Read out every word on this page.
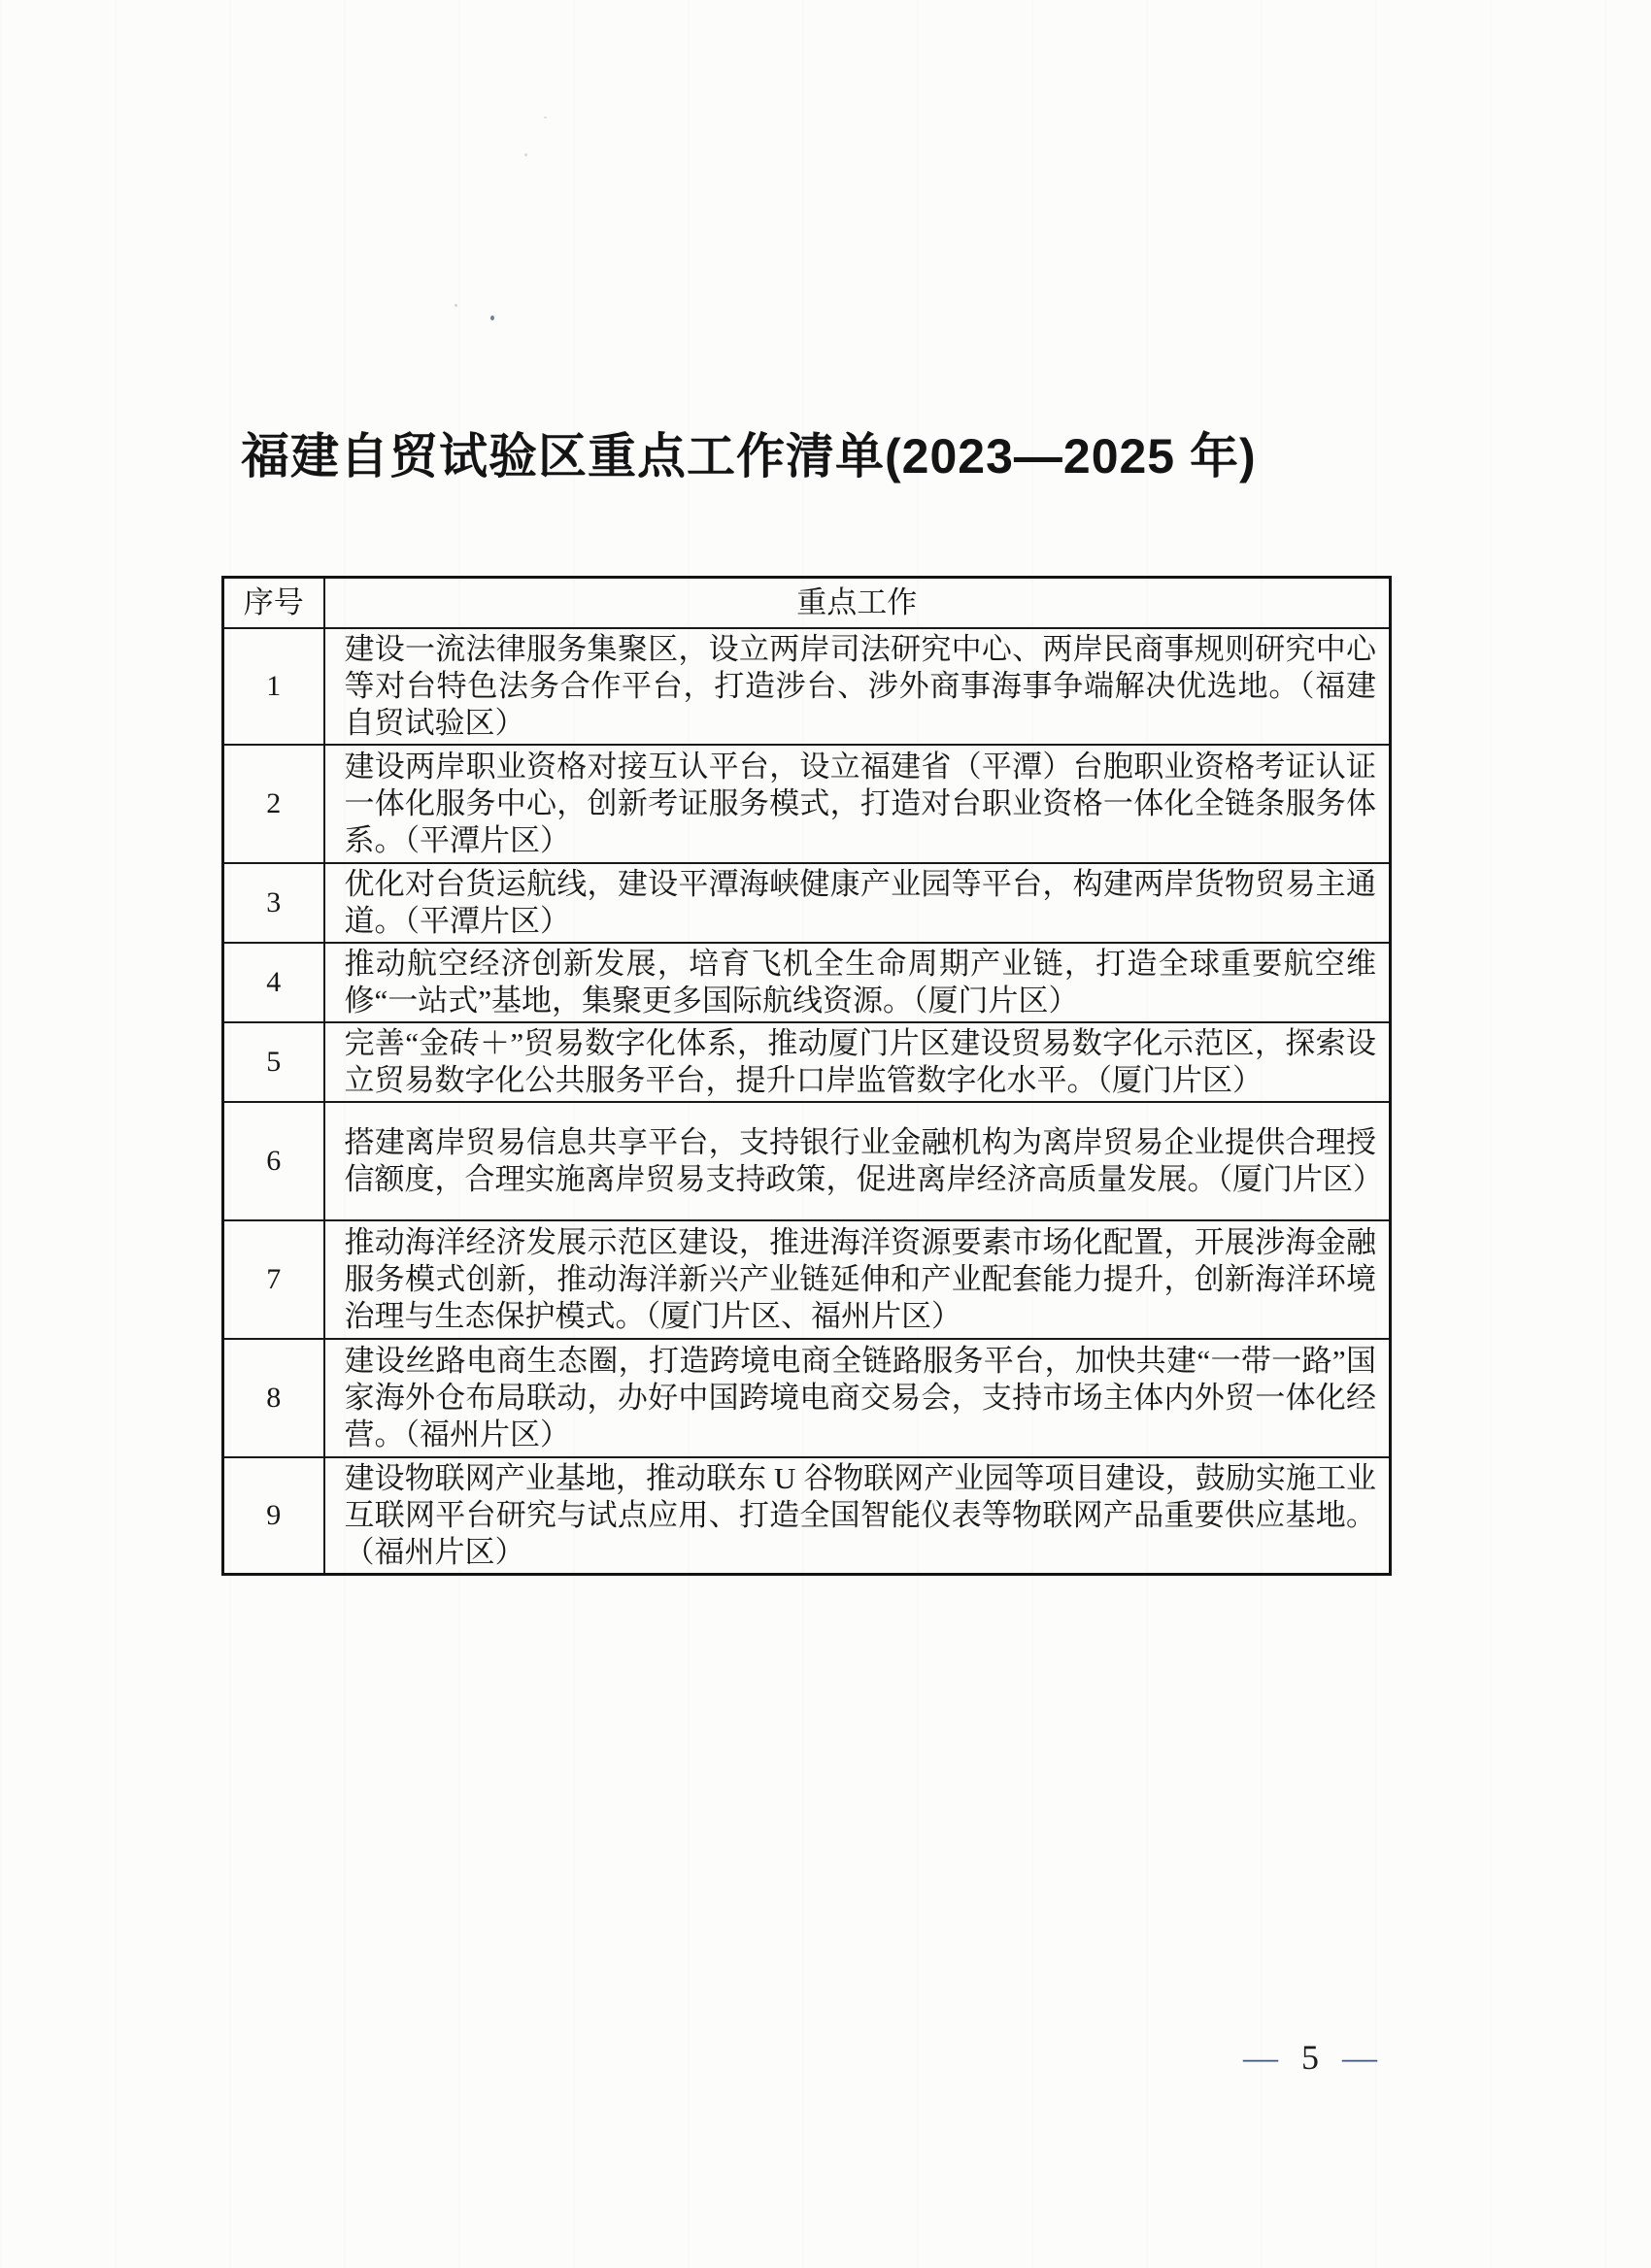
福建自贸试验区重点工作清单(2023—2025 年)
序号	重点工作
1	建设一流法律服务集聚区，设立两岸司法研究中心、两岸民商事规则研究中心等对台特色法务合作平台，打造涉台、涉外商事海事争端解决优选地。（福建自贸试验区）
2	建设两岸职业资格对接互认平台，设立福建省（平潭）台胞职业资格考证认证一体化服务中心，创新考证服务模式，打造对台职业资格一体化全链条服务体系。（平潭片区）
3	优化对台货运航线，建设平潭海峡健康产业园等平台，构建两岸货物贸易主通道。（平潭片区）
4	推动航空经济创新发展，培育飞机全生命周期产业链，打造全球重要航空维修“一站式”基地，集聚更多国际航线资源。（厦门片区）
5	完善“金砖＋”贸易数字化体系，推动厦门片区建设贸易数字化示范区，探索设立贸易数字化公共服务平台，提升口岸监管数字化水平。（厦门片区）
6	搭建离岸贸易信息共享平台，支持银行业金融机构为离岸贸易企业提供合理授信额度，合理实施离岸贸易支持政策，促进离岸经济高质量发展。（厦门片区）
7	推动海洋经济发展示范区建设，推进海洋资源要素市场化配置，开展涉海金融服务模式创新，推动海洋新兴产业链延伸和产业配套能力提升，创新海洋环境治理与生态保护模式。（厦门片区、福州片区）
8	建设丝路电商生态圈，打造跨境电商全链路服务平台，加快共建“一带一路”国家海外仓布局联动，办好中国跨境电商交易会，支持市场主体内外贸一体化经营。（福州片区）
9	建设物联网产业基地，推动联东 U 谷物联网产业园等项目建设，鼓励实施工业互联网平台研究与试点应用、打造全国智能仪表等物联网产品重要供应基地。（福州片区）
— 5 —
